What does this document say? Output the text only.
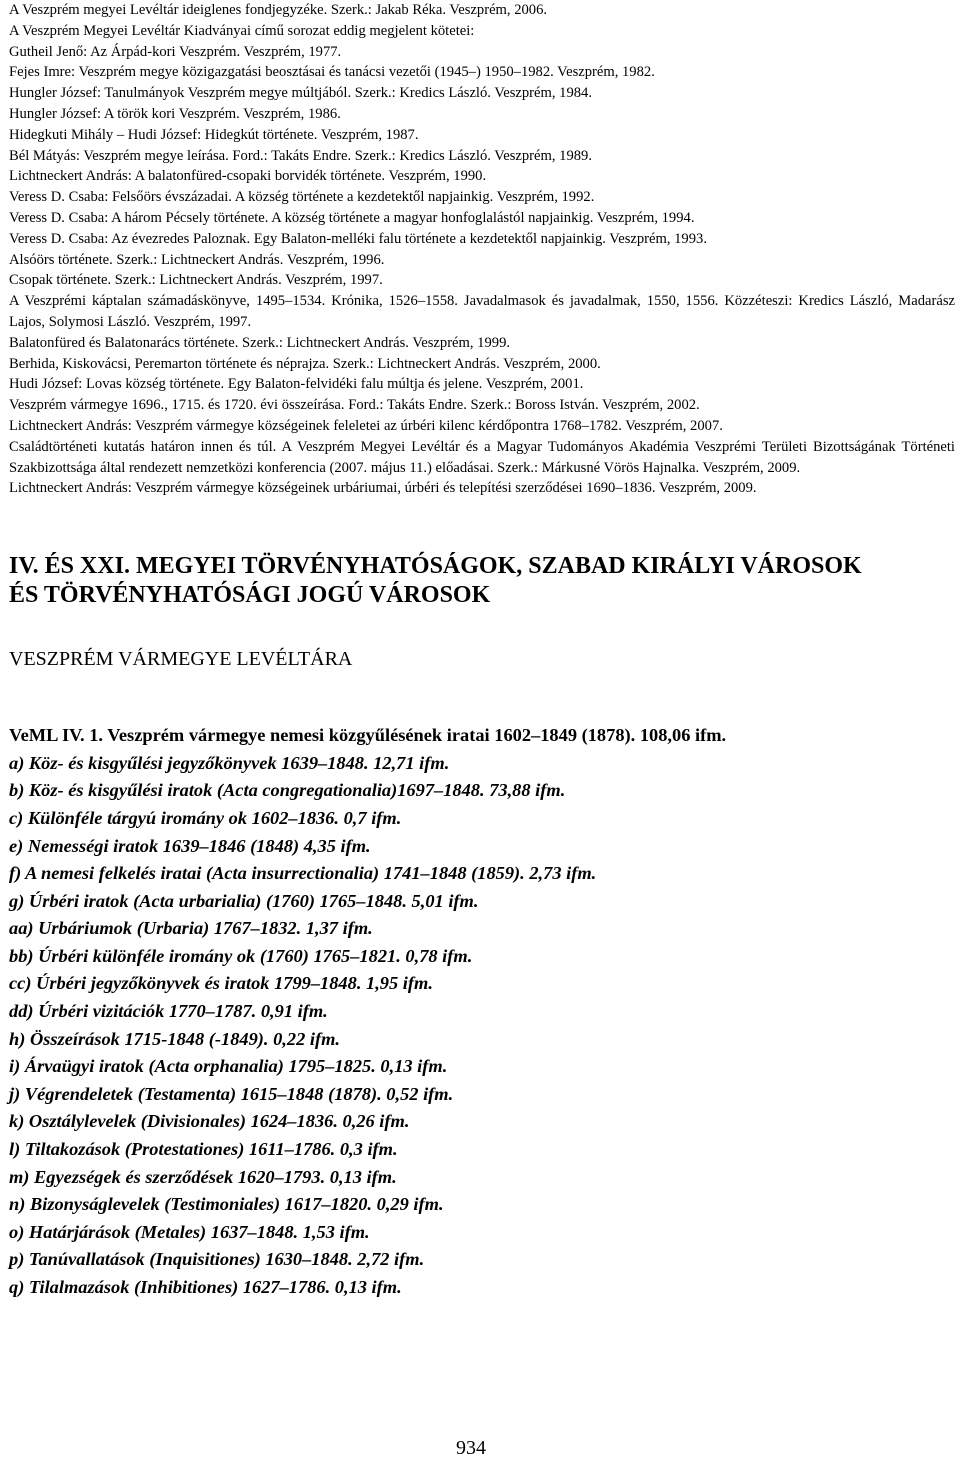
A Veszprém megyei Levéltár ideiglenes fondjegyzéke. Szerk.: Jakab Réka. Veszprém, 2006.
A Veszprém Megyei Levéltár Kiadványai című sorozat eddig megjelent kötetei:
Gutheil Jenő: Az Árpád-kori Veszprém. Veszprém, 1977.
Fejes Imre: Veszprém megye közigazgatási beosztásai és tanácsi vezetői (1945–) 1950–1982. Veszprém, 1982.
Hungler József: Tanulmányok Veszprém megye múltjából. Szerk.: Kredics László. Veszprém, 1984.
Hungler József: A török kori Veszprém. Veszprém, 1986.
Hidegkuti Mihály – Hudi József: Hidegkút története. Veszprém, 1987.
Bél Mátyás: Veszprém megye leírása. Ford.: Takáts Endre. Szerk.: Kredics László. Veszprém, 1989.
Lichtneckert András: A balatonfüred-csopaki borvidék története. Veszprém, 1990.
Veress D. Csaba: Felsőörs évszázadai. A község története a kezdetektől napjainkig. Veszprém, 1992.
Veress D. Csaba: A három Pécsely története. A község története a magyar honfoglalástól napjainkig. Veszprém, 1994.
Veress D. Csaba: Az évezredes Paloznak. Egy Balaton-melléki falu története a kezdetektől napjainkig. Veszprém, 1993.
Alsóörs története. Szerk.: Lichtneckert András. Veszprém, 1996.
Csopak története. Szerk.: Lichtneckert András. Veszprém, 1997.
A Veszprémi káptalan számadáskönyve, 1495–1534. Krónika, 1526–1558. Javadalmasok és javadalmak, 1550, 1556. Közzéteszi: Kredics László, Madarász Lajos, Solymosi László. Veszprém, 1997.
Balatonfüred és Balatonarács története. Szerk.: Lichtneckert András. Veszprém, 1999.
Berhida, Kiskovácsi, Peremarton története és néprajza. Szerk.: Lichtneckert András. Veszprém, 2000.
Hudi József: Lovas község története. Egy Balaton-felvidéki falu múltja és jelene. Veszprém, 2001.
Veszprém vármegye 1696., 1715. és 1720. évi összeírása. Ford.: Takáts Endre. Szerk.: Boross István. Veszprém, 2002.
Lichtneckert András: Veszprém vármegye községeinek feleletei az úrbéri kilenc kérdőpontra 1768–1782. Veszprém, 2007.
Családtörténeti kutatás határon innen és túl. A Veszprém Megyei Levéltár és a Magyar Tudományos Akadémia Veszprémi Területi Bizottságának Történeti Szakbizottsága által rendezett nemzetközi konferencia (2007. május 11.) előadásai. Szerk.: Márkusné Vörös Hajnalka. Veszprém, 2009.
Lichtneckert András: Veszprém vármegye községeinek urbáriumai, úrbéri és telepítési szerződései 1690–1836. Veszprém, 2009.
IV. ÉS XXI. MEGYEI TÖRVÉNYHATÓSÁGOK, SZABAD KIRÁLYI VÁROSOK
ÉS TÖRVÉNYHATÓSÁGI JOGÚ VÁROSOK
VESZPRÉM VÁRMEGYE LEVÉLTÁRA
VeML IV. 1. Veszprém vármegye nemesi közgyűlésének iratai 1602–1849 (1878). 108,06 ifm.
a) Köz- és kisgyűlési jegyzőkönyvek 1639–1848. 12,71 ifm.
b) Köz- és kisgyűlési iratok (Acta congregationalia)1697–1848. 73,88 ifm.
c) Különféle tárgyú iromány ok 1602–1836. 0,7 ifm.
e) Nemességi iratok 1639–1846 (1848) 4,35 ifm.
f) A nemesi felkelés iratai (Acta insurrectionalia) 1741–1848 (1859). 2,73 ifm.
g) Úrbéri iratok (Acta urbarialia) (1760) 1765–1848. 5,01 ifm.
aa) Urbáriumok (Urbaria) 1767–1832. 1,37 ifm.
bb) Úrbéri különféle iromány ok (1760) 1765–1821. 0,78 ifm.
cc) Úrbéri jegyzőkönyvek és iratok 1799–1848. 1,95 ifm.
dd) Úrbéri vizitációk 1770–1787. 0,91 ifm.
h) Összeírások 1715-1848 (-1849). 0,22 ifm.
i) Árvaügyi iratok (Acta orphanalia) 1795–1825. 0,13 ifm.
j) Végrendeletek (Testamenta) 1615–1848 (1878). 0,52 ifm.
k) Osztálylevelek (Divisionales) 1624–1836. 0,26 ifm.
l) Tiltakozások (Protestationes) 1611–1786. 0,3 ifm.
m) Egyezségek és szerződések 1620–1793. 0,13 ifm.
n) Bizonyságlevelek (Testimoniales) 1617–1820. 0,29 ifm.
o) Határjárások (Metales) 1637–1848. 1,53 ifm.
p) Tanúvallatások (Inquisitiones) 1630–1848. 2,72 ifm.
q) Tilalmazások (Inhibitiones) 1627–1786. 0,13 ifm.
934
